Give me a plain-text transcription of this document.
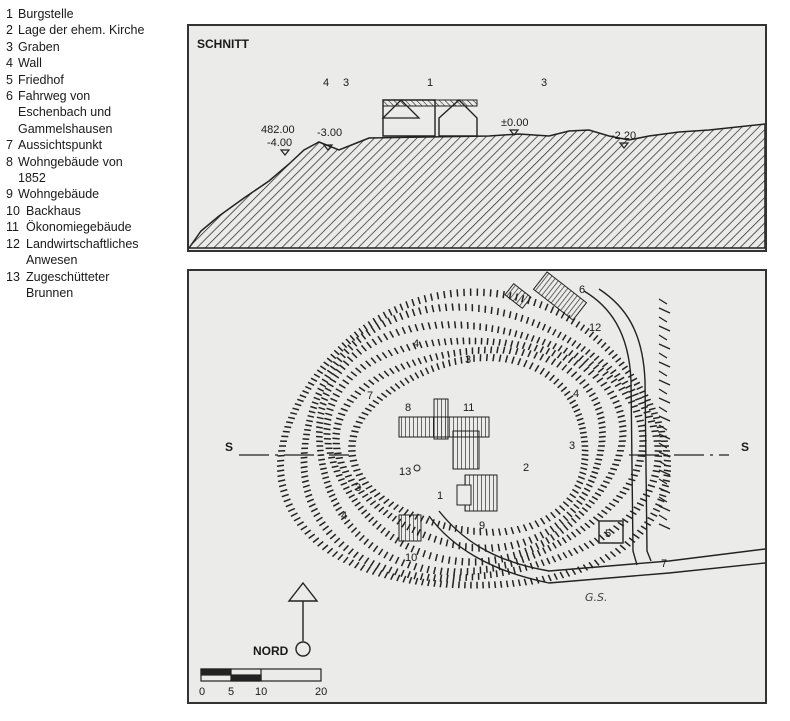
1 Burgstelle
2 Lage der ehem. Kirche
3 Graben
4 Wall
5 Friedhof
6 Fahrweg von
Eschenbach und
Gammelshausen
7 Aussichtspunkt
8 Wohngebäude von
1852
9 Wohngebäude
10 Backhaus
11 Ökonomiegebäude
12 Landwirtschaftliches
Anwesen
13 Zugeschütteter
Brunnen
SCHNITT
4 3	1	3
482.00
-4.00
-3.00
±0.00
-2.20
S	S
1
2
3
3
3
4
4
4
5
6
7
7
8
9
10
11
12
13
NORD
0 5 10	20
G.S.
